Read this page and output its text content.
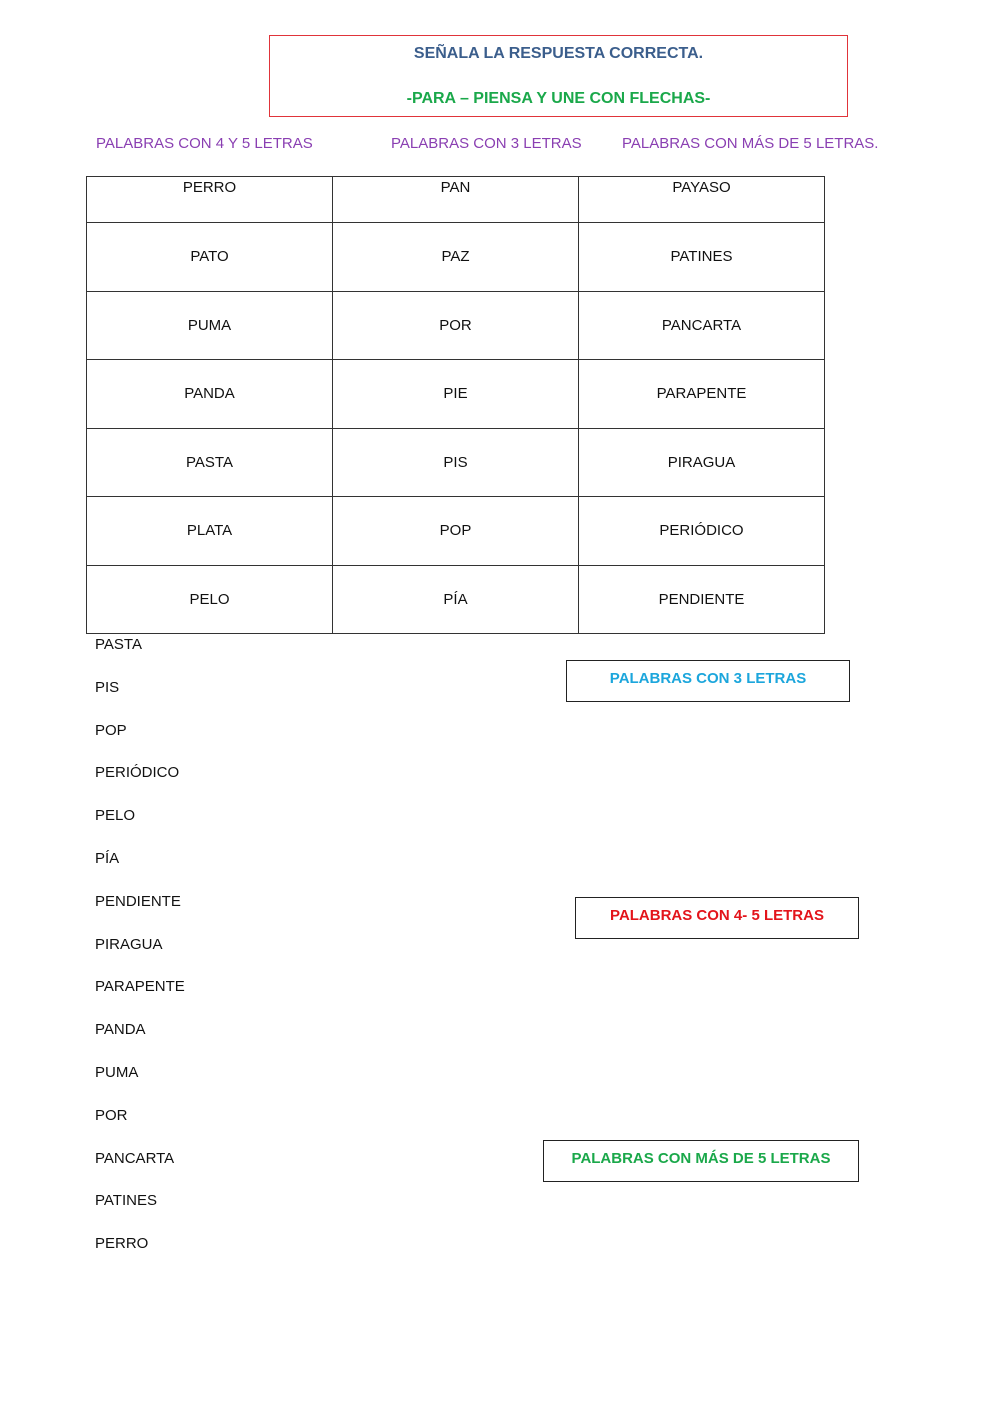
SEÑALA LA RESPUESTA CORRECTA.
-PARA – PIENSA Y UNE CON FLECHAS-
PALABRAS CON 4 Y 5 LETRAS	PALABRAS CON 3 LETRAS	PALABRAS CON MÁS DE 5 LETRAS.
PERRO	PAN	PAYASO
PATO	PAZ	PATINES
PUMA	POR	PANCARTA
PANDA	PIE	PARAPENTE
PASTA	PIS	PIRAGUA
PLATA	POP	PERIÓDICO
PELO	PÍA	PENDIENTE
PASTA
PIS
POP
PERIÓDICO
PELO
PÍA
PENDIENTE
PIRAGUA
PARAPENTE
PANDA
PUMA
POR
PANCARTA
PATINES
PERRO
PALABRAS CON 3 LETRAS
PALABRAS CON 4- 5 LETRAS
PALABRAS CON MÁS DE 5 LETRAS
